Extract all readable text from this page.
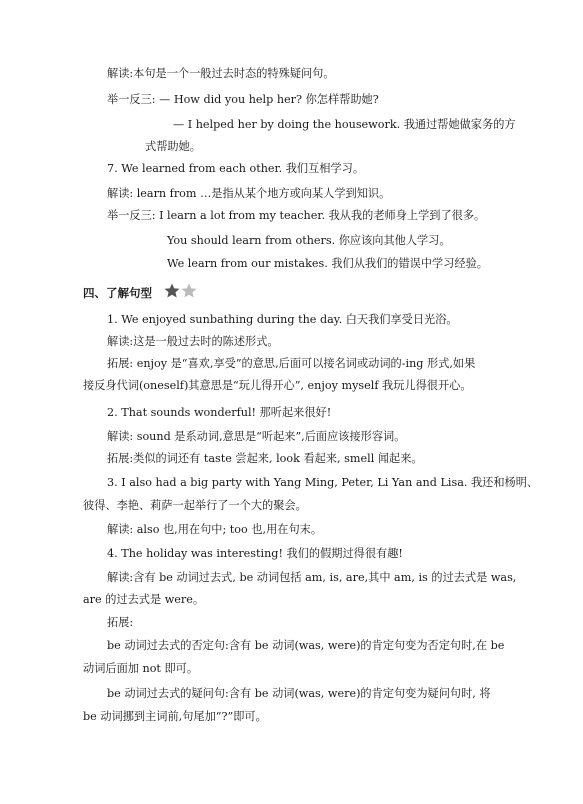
解读:本句是一个一般过去时态的特殊疑问句。
举一反三: — How did you help her? 你怎样帮助她?
— I helped her by doing the housework. 我通过帮她做家务的方
式帮助她。
7. We learned from each other. 我们互相学习。
解读: learn from …是指从某个地方或向某人学到知识。
举一反三: I learn a lot from my teacher. 我从我的老师身上学到了很多。
You should learn from others. 你应该向其他人学习。
We learn from our mistakes. 我们从我们的错误中学习经验。
四、了解句型
1. We enjoyed sunbathing during the day. 白天我们享受日光浴。
解读:这是一般过去时的陈述形式。
拓展: enjoy 是“喜欢,享受”的意思,后面可以接名词或动词的-ing 形式,如果
接反身代词(oneself)其意思是“玩儿得开心”, enjoy myself 我玩儿得很开心。
2. That sounds wonderful! 那听起来很好!
解读: sound 是系动词,意思是“听起来”,后面应该接形容词。
拓展:类似的词还有 taste 尝起来, look 看起来, smell 闻起来。
3. I also had a big party with Yang Ming, Peter, Li Yan and Lisa. 我还和杨明、
彼得、李艳、莉萨一起举行了一个大的聚会。
解读: also 也,用在句中; too 也,用在句末。
4. The holiday was interesting! 我们的假期过得很有趣!
解读:含有 be 动词过去式, be 动词包括 am, is, are,其中 am, is 的过去式是 was,
are 的过去式是 were。
拓展:
be 动词过去式的否定句:含有 be 动词(was, were)的肯定句变为否定句时,在 be
动词后面加 not 即可。
be 动词过去式的疑问句:含有 be 动词(was, were)的肯定句变为疑问句时, 将
be 动词挪到主词前,句尾加“?”即可。
